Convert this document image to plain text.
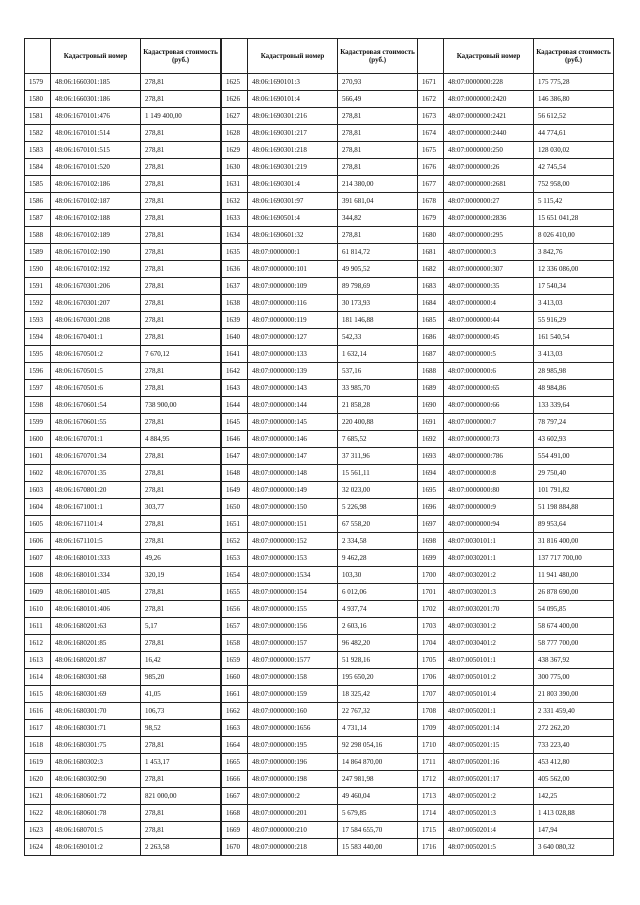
	Кадастровый номер	Кадастровая стоимость (руб.)
1579	48:06:1660301:185	278,81
1580	48:06:1660301:186	278,81
1581	48:06:1670101:476	1 149 400,00
1582	48:06:1670101:514	278,81
1583	48:06:1670101:515	278,81
1584	48:06:1670101:520	278,81
1585	48:06:1670102:186	278,81
1586	48:06:1670102:187	278,81
1587	48:06:1670102:188	278,81
1588	48:06:1670102:189	278,81
1589	48:06:1670102:190	278,81
1590	48:06:1670102:192	278,81
1591	48:06:1670301:206	278,81
1592	48:06:1670301:207	278,81
1593	48:06:1670301:208	278,81
1594	48:06:1670401:1	278,81
1595	48:06:1670501:2	7 670,12
1596	48:06:1670501:5	278,81
1597	48:06:1670501:6	278,81
1598	48:06:1670601:54	738 900,00
1599	48:06:1670601:55	278,81
1600	48:06:1670701:1	4 884,95
1601	48:06:1670701:34	278,81
1602	48:06:1670701:35	278,81
1603	48:06:1670801:20	278,81
1604	48:06:1671001:1	303,77
1605	48:06:1671101:4	278,81
1606	48:06:1671101:5	278,81
1607	48:06:1680101:333	49,26
1608	48:06:1680101:334	320,19
1609	48:06:1680101:405	278,81
1610	48:06:1680101:406	278,81
1611	48:06:1680201:63	5,17
1612	48:06:1680201:85	278,81
1613	48:06:1680201:87	16,42
1614	48:06:1680301:68	985,20
1615	48:06:1680301:69	41,05
1616	48:06:1680301:70	106,73
1617	48:06:1680301:71	98,52
1618	48:06:1680301:75	278,81
1619	48:06:1680302:3	1 453,17
1620	48:06:1680302:90	278,81
1621	48:06:1680601:72	821 000,00
1622	48:06:1680601:78	278,81
1623	48:06:1680701:5	278,81
1624	48:06:1690101:2	2 263,58
	Кадастровый номер	Кадастровая стоимость (руб.)
1625	48:06:1690101:3	270,93
1626	48:06:1690101:4	566,49
1627	48:06:1690301:216	278,81
1628	48:06:1690301:217	278,81
1629	48:06:1690301:218	278,81
1630	48:06:1690301:219	278,81
1631	48:06:1690301:4	214 380,00
1632	48:06:1690301:97	391 681,04
1633	48:06:1690501:4	344,82
1634	48:06:1690601:32	278,81
1635	48:07:0000000:1	61 814,72
1636	48:07:0000000:101	49 905,52
1637	48:07:0000000:109	89 798,69
1638	48:07:0000000:116	30 173,93
1639	48:07:0000000:119	181 146,88
1640	48:07:0000000:127	542,33
1641	48:07:0000000:133	1 632,14
1642	48:07:0000000:139	537,16
1643	48:07:0000000:143	33 985,70
1644	48:07:0000000:144	21 858,28
1645	48:07:0000000:145	220 400,88
1646	48:07:0000000:146	7 685,52
1647	48:07:0000000:147	37 311,96
1648	48:07:0000000:148	15 561,11
1649	48:07:0000000:149	32 023,00
1650	48:07:0000000:150	5 226,98
1651	48:07:0000000:151	67 558,20
1652	48:07:0000000:152	2 334,58
1653	48:07:0000000:153	9 462,28
1654	48:07:0000000:1534	103,30
1655	48:07:0000000:154	6 012,06
1656	48:07:0000000:155	4 937,74
1657	48:07:0000000:156	2 603,16
1658	48:07:0000000:157	96 482,20
1659	48:07:0000000:1577	51 928,16
1660	48:07:0000000:158	195 650,20
1661	48:07:0000000:159	18 325,42
1662	48:07:0000000:160	22 767,32
1663	48:07:0000000:1656	4 731,14
1664	48:07:0000000:195	92 298 054,16
1665	48:07:0000000:196	14 864 870,00
1666	48:07:0000000:198	247 981,98
1667	48:07:0000000:2	49 460,04
1668	48:07:0000000:201	5 679,85
1669	48:07:0000000:210	17 584 655,70
1670	48:07:0000000:218	15 583 440,00
	Кадастровый номер	Кадастровая стоимость (руб.)
1671	48:07:0000000:228	175 775,28
1672	48:07:0000000:2420	146 386,80
1673	48:07:0000000:2421	56 612,52
1674	48:07:0000000:2440	44 774,61
1675	48:07:0000000:250	128 030,02
1676	48:07:0000000:26	42 745,54
1677	48:07:0000000:2681	752 958,00
1678	48:07:0000000:27	5 115,42
1679	48:07:0000000:2836	15 651 041,28
1680	48:07:0000000:295	8 026 410,00
1681	48:07:0000000:3	3 842,76
1682	48:07:0000000:307	12 336 086,00
1683	48:07:0000000:35	17 540,34
1684	48:07:0000000:4	3 413,03
1685	48:07:0000000:44	55 916,29
1686	48:07:0000000:45	161 540,54
1687	48:07:0000000:5	3 413,03
1688	48:07:0000000:6	28 985,98
1689	48:07:0000000:65	48 984,86
1690	48:07:0000000:66	133 339,64
1691	48:07:0000000:7	78 797,24
1692	48:07:0000000:73	43 602,93
1693	48:07:0000000:786	554 491,00
1694	48:07:0000000:8	29 750,40
1695	48:07:0000000:80	101 791,82
1696	48:07:0000000:9	51 198 884,88
1697	48:07:0000000:94	89 953,64
1698	48:07:0030101:1	31 816 400,00
1699	48:07:0030201:1	137 717 700,00
1700	48:07:0030201:2	11 941 480,00
1701	48:07:0030201:3	26 878 690,00
1702	48:07:0030201:70	54 095,85
1703	48:07:0030301:2	58 674 400,00
1704	48:07:0030401:2	58 777 700,00
1705	48:07:0050101:1	438 367,92
1706	48:07:0050101:2	300 775,00
1707	48:07:0050101:4	21 803 390,00
1708	48:07:0050201:1	2 331 459,40
1709	48:07:0050201:14	272 262,20
1710	48:07:0050201:15	733 223,40
1711	48:07:0050201:16	453 412,80
1712	48:07:0050201:17	405 562,00
1713	48:07:0050201:2	142,25
1714	48:07:0050201:3	1 413 028,88
1715	48:07:0050201:4	147,94
1716	48:07:0050201:5	3 640 080,32
